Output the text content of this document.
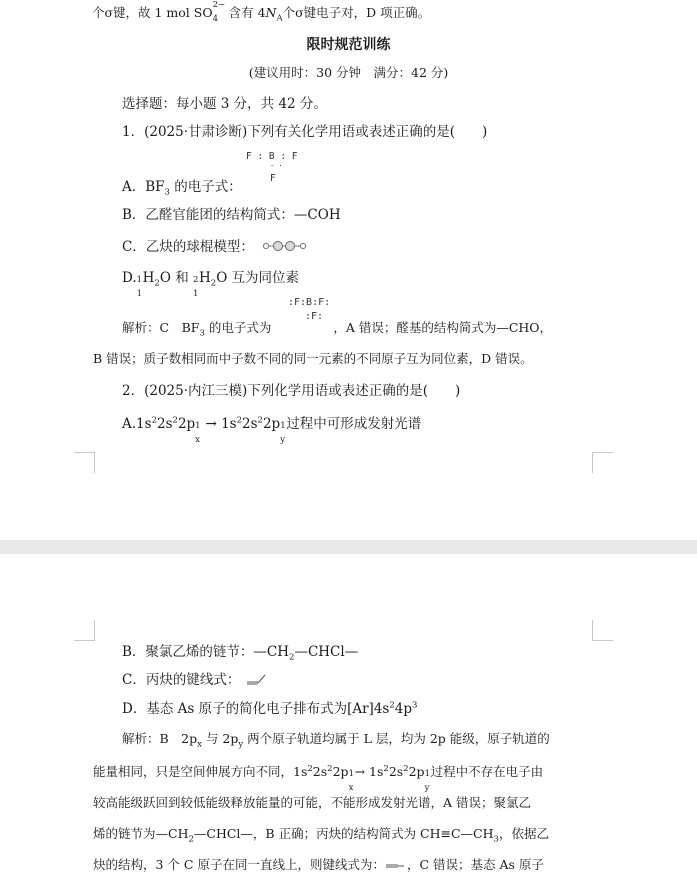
个σ键，故 1 mol SO 2−
4 含有 $4N_A$个σ键电子对，D 项正确。
限时规范训练
(建议用时：30 分钟　满分：42 分)
选择题：每小题 3 分，共 42 分。
1．(2025·甘肃诊断)下列有关化学用语或表述正确的是(　　)
F : B : F
· ·
F
A．$BF_3$ 的电子式：
B．乙醛官能团的结构简式：—COH
C．乙炔的球棍模型：
D. 1
1
$H_2O$ 和 2
1
$H_2O$ 互为同位素
:F:B:F:
:F:
解析：C　$BF_3$ 的电子式为	，A 错误；醛基的结构简式为—CHO，
B 错误；质子数相同而中子数不同的同一元素的不同原子互为同位素，D 错误。
2．(2025·内江三模)下列化学用语或表述正确的是(　　)
$A.1s^22s^22p$ 1
x
→ $1s^22s^22p$ 1
y
过程中可形成发射光谱
B．聚氯乙烯的链节：$—CH_2—CHCl—$
C．丙炔的键线式：
D．基态 As 原子的简化电子排布式为$[Ar]4s^24p^3$
解析：B　$2p_x$ 与 $2p_y$ 两个原子轨道均属于 L 层，均为 2p 能级，原子轨道的
能量相同，只是空间伸展方向不同，$1s^22s^22p$ 1
x
→ $1s^22s^22p$ 1
y
过程中不存在电子由
较高能级跃回到较低能级释放能量的可能，不能形成发射光谱，A 错误；聚氯乙
烯的链节为$—CH_2—CHCl—$，B 正确；丙炔的结构简式为 $CH\equiv C—CH_3$，依据乙
炔的结构，3 个 C 原子在同一直线上，则键线式为： ，C 错误；基态 As 原子
